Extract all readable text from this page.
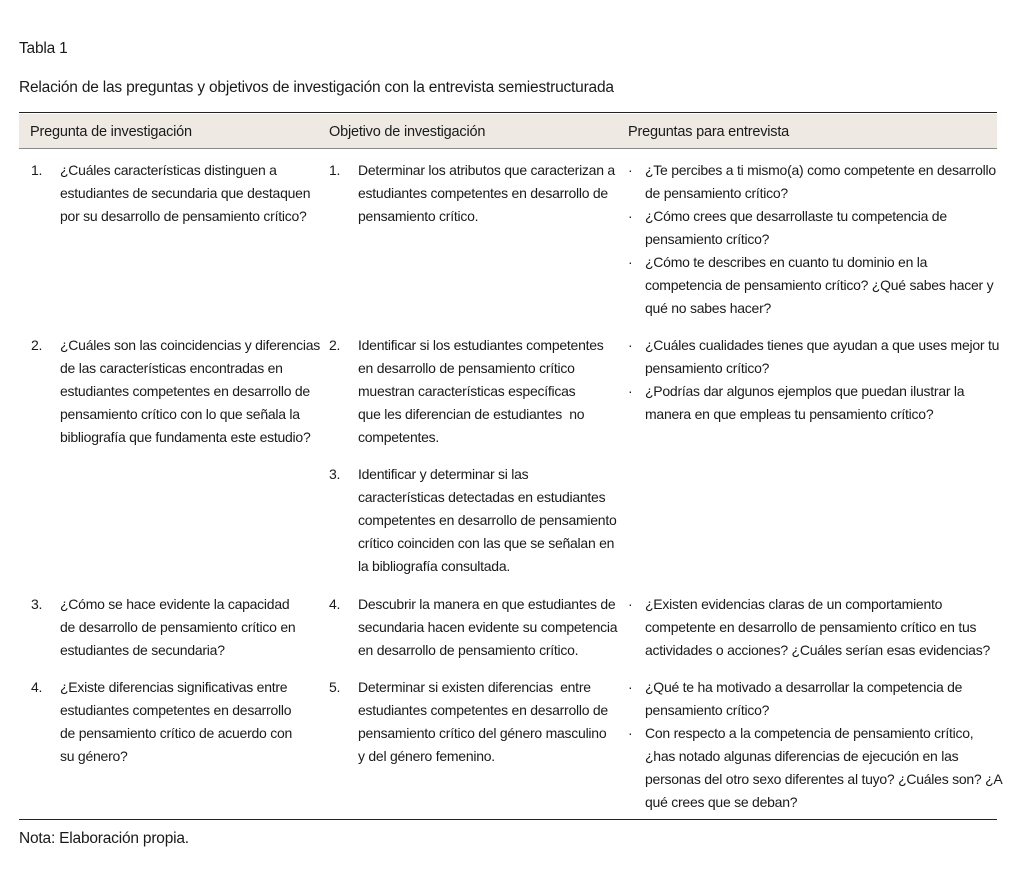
Tabla 1
Relación de las preguntas y objetivos de investigación con la entrevista semiestructurada
Pregunta de investigación	Objetivo de investigación	Preguntas para entrevista
1. ¿Cuáles características distinguen a
estudiantes de secundaria que destaquen
por su desarrollo de pensamiento crítico?
2. ¿Cuáles son las coincidencias y diferencias
de las características encontradas en
estudiantes competentes en desarrollo de
pensamiento crítico con lo que señala la
bibliografía que fundamenta este estudio?
3. ¿Cómo se hace evidente la capacidad
de desarrollo de pensamiento crítico en
estudiantes de secundaria?
4. ¿Existe diferencias significativas entre
estudiantes competentes en desarrollo
de pensamiento crítico de acuerdo con
su género?
1. Determinar los atributos que caracterizan a
estudiantes competentes en desarrollo de
pensamiento crítico.
2. Identificar si los estudiantes competentes
en desarrollo de pensamiento crítico
muestran características específicas
que les diferencian de estudiantes  no
competentes.
3. Identificar y determinar si las
características detectadas en estudiantes
competentes en desarrollo de pensamiento
crítico coinciden con las que se señalan en
la bibliografía consultada.
4. Descubrir la manera en que estudiantes de
secundaria hacen evidente su competencia
en desarrollo de pensamiento crítico.
5. Determinar si existen diferencias  entre
estudiantes competentes en desarrollo de
pensamiento crítico del género masculino
y del género femenino.
· ¿Te percibes a ti mismo(a) como competente en desarrollo
de pensamiento crítico?
· ¿Cómo crees que desarrollaste tu competencia de
pensamiento crítico?
· ¿Cómo te describes en cuanto tu dominio en la
competencia de pensamiento crítico? ¿Qué sabes hacer y
qué no sabes hacer?
· ¿Cuáles cualidades tienes que ayudan a que uses mejor tu
pensamiento crítico?
· ¿Podrías dar algunos ejemplos que puedan ilustrar la
manera en que empleas tu pensamiento crítico?
· ¿Existen evidencias claras de un comportamiento
competente en desarrollo de pensamiento crítico en tus
actividades o acciones? ¿Cuáles serían esas evidencias?
· ¿Qué te ha motivado a desarrollar la competencia de
pensamiento crítico?
· Con respecto a la competencia de pensamiento crítico,
¿has notado algunas diferencias de ejecución en las
personas del otro sexo diferentes al tuyo? ¿Cuáles son? ¿A
qué crees que se deban?
Nota: Elaboración propia.
